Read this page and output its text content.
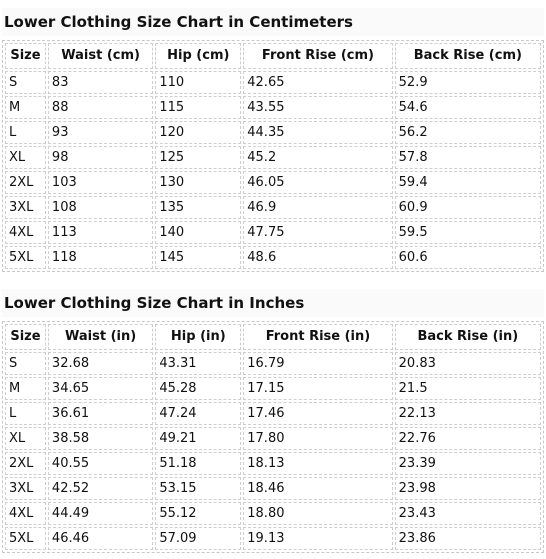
Lower Clothing Size Chart in Centimeters
Size	Waist (cm)	Hip (cm)	Front Rise (cm)	Back Rise (cm)
S	83	110	42.65	52.9
M	88	115	43.55	54.6
L	93	120	44.35	56.2
XL	98	125	45.2	57.8
2XL	103	130	46.05	59.4
3XL	108	135	46.9	60.9
4XL	113	140	47.75	59.5
5XL	118	145	48.6	60.6
Lower Clothing Size Chart in Inches
Size	Waist (in)	Hip (in)	Front Rise (in)	Back Rise (in)
S	32.68	43.31	16.79	20.83
M	34.65	45.28	17.15	21.5
L	36.61	47.24	17.46	22.13
XL	38.58	49.21	17.80	22.76
2XL	40.55	51.18	18.13	23.39
3XL	42.52	53.15	18.46	23.98
4XL	44.49	55.12	18.80	23.43
5XL	46.46	57.09	19.13	23.86
